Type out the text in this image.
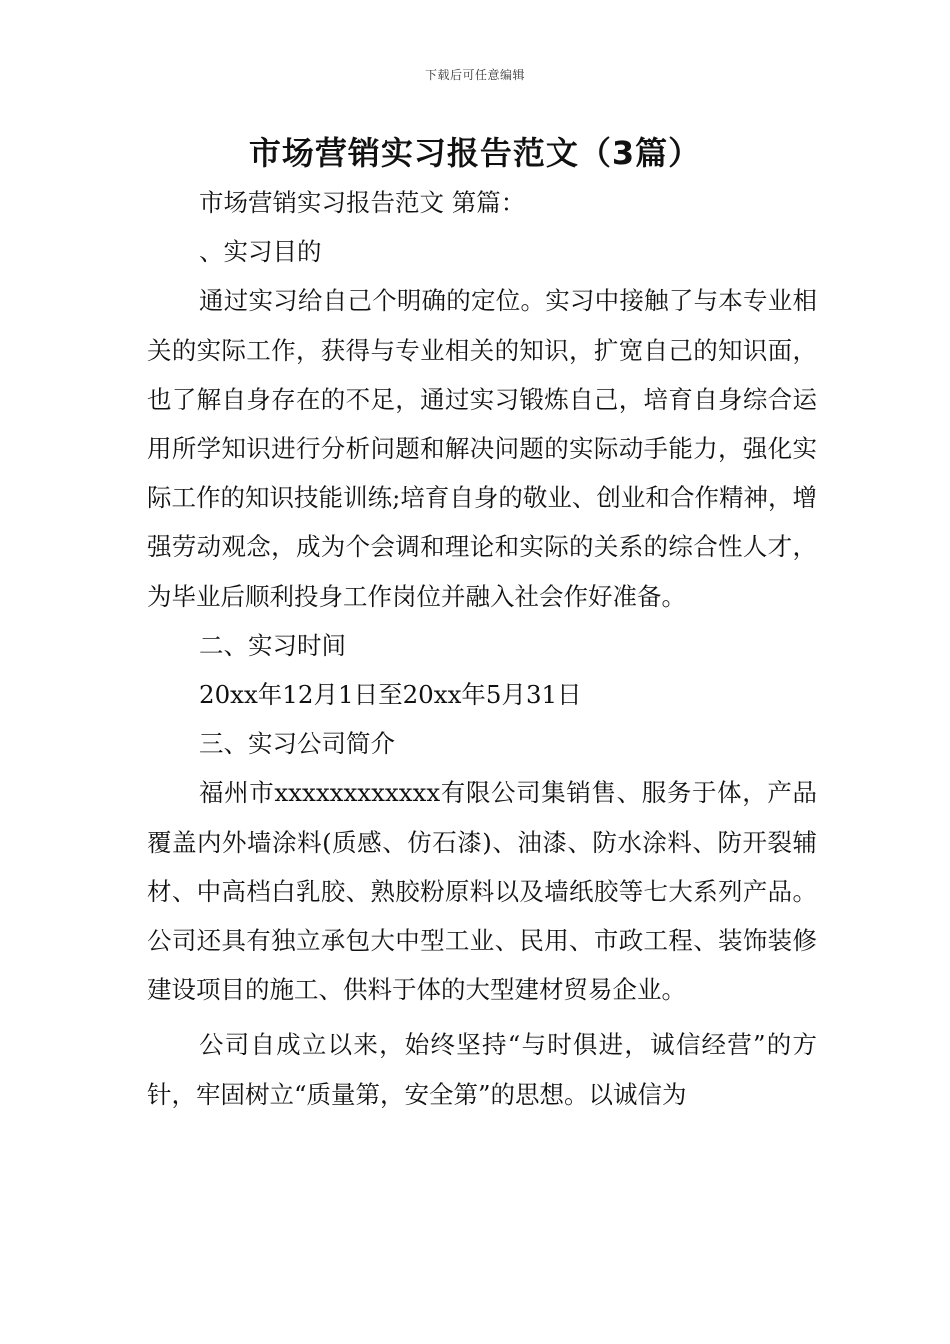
下载后可任意编辑
市场营销实习报告范文（3篇）

市场营销实习报告范文 第篇：

、实习目的

通过实习给自己个明确的定位。实习中接触了与本专业相关的实际工作，获得与专业相关的知识，扩宽自己的知识面，也了解自身存在的不足，通过实习锻炼自己，培育自身综合运用所学知识进行分析问题和解决问题的实际动手能力，强化实际工作的知识技能训练;培育自身的敬业、创业和合作精神，增强劳动观念，成为个会调和理论和实际的关系的综合性人才，为毕业后顺利投身工作岗位并融入社会作好准备。

二、实习时间

20xx年12月1日至20xx年5月31日

三、实习公司简介

福州市xxxxxxxxxxxx有限公司集销售、服务于体，产品覆盖内外墙涂料(质感、仿石漆)、油漆、防水涂料、防开裂辅材、中高档白乳胶、熟胶粉原料以及墙纸胶等七大系列产品。公司还具有独立承包大中型工业、民用、市政工程、装饰装修建设项目的施工、供料于体的大型建材贸易企业。

公司自成立以来，始终坚持“与时俱进，诚信经营”的方针，牢固树立“质量第，安全第”的思想。以诚信为
